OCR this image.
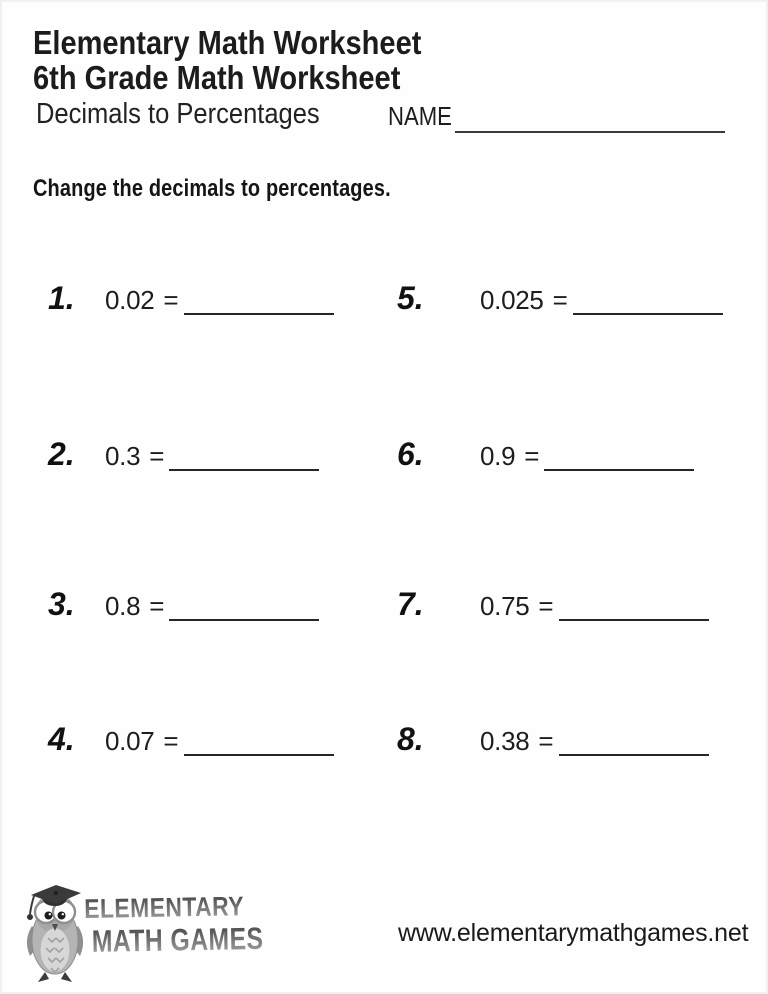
Elementary Math Worksheet
6th Grade Math Worksheet
Decimals to Percentages	NAME
Change the decimals to percentages.
1.	0.02 =	5.	0.025 =
2.	0.3 =	6.	0.9 =
3.	0.8 =	7.	0.75 =
4.	0.07 =	8.	0.38 =
ELEMENTARY
MATH GAMES	www.elementarymathgames.net
